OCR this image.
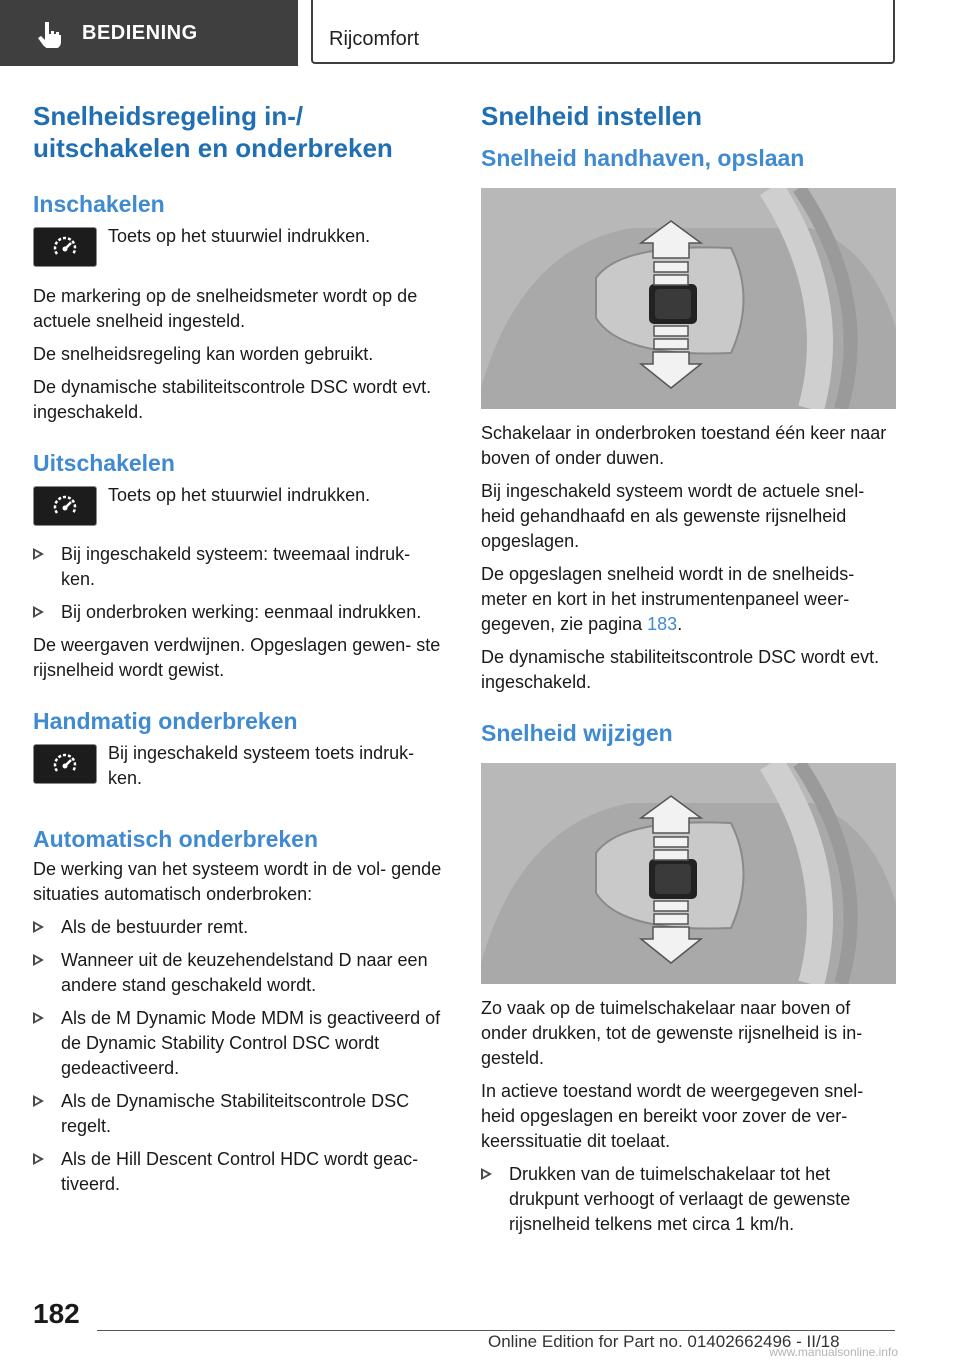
BEDIENING	Rijcomfort
Snelheidsregeling in-/ uitschakelen en onderbreken
Inschakelen

Toets op het stuurwiel indrukken.

De markering op de snelheidsmeter wordt op de actuele snelheid ingesteld.

De snelheidsregeling kan worden gebruikt.

De dynamische stabiliteitscontrole DSC wordt evt. ingeschakeld.

Uitschakelen

Toets op het stuurwiel indrukken.

Bij ingeschakeld systeem: tweemaal indruk‐ ken.
Bij onderbroken werking: eenmaal indrukken.

De weergaven verdwijnen. Opgeslagen gewen‐ ste rijsnelheid wordt gewist.

Handmatig onderbreken

Bij ingeschakeld systeem toets indruk‐ ken.

Automatisch onderbreken

De werking van het systeem wordt in de vol‐ gende situaties automatisch onderbroken:

Als de bestuurder remt.
Wanneer uit de keuzehendelstand D naar een andere stand geschakeld wordt.
Als de M Dynamic Mode MDM is geactiveerd of de Dynamic Stability Control DSC wordt gedeactiveerd.
Als de Dynamische Stabiliteitscontrole DSC regelt.
Als de Hill Descent Control HDC wordt geac‐ tiveerd.
Snelheid instellen
Snelheid handhaven, opslaan

Schakelaar in onderbroken toestand één keer naar boven of onder duwen.

Bij ingeschakeld systeem wordt de actuele snel‐ heid gehandhaafd en als gewenste rijsnelheid opgeslagen.

De opgeslagen snelheid wordt in de snelheids‐ meter en kort in het instrumentenpaneel weer‐ gegeven, zie pagina 183.

De dynamische stabiliteitscontrole DSC wordt evt. ingeschakeld.

Snelheid wijzigen

Zo vaak op de tuimelschakelaar naar boven of onder drukken, tot de gewenste rijsnelheid is in‐ gesteld.

In actieve toestand wordt de weergegeven snel‐ heid opgeslagen en bereikt voor zover de ver‐ keerssituatie dit toelaat.

Drukken van de tuimelschakelaar tot het drukpunt verhoogt of verlaagt de gewenste rijsnelheid telkens met circa 1 km/h.
182
Online Edition for Part no. 01402662496 - II/18
www.manualsonline.info
